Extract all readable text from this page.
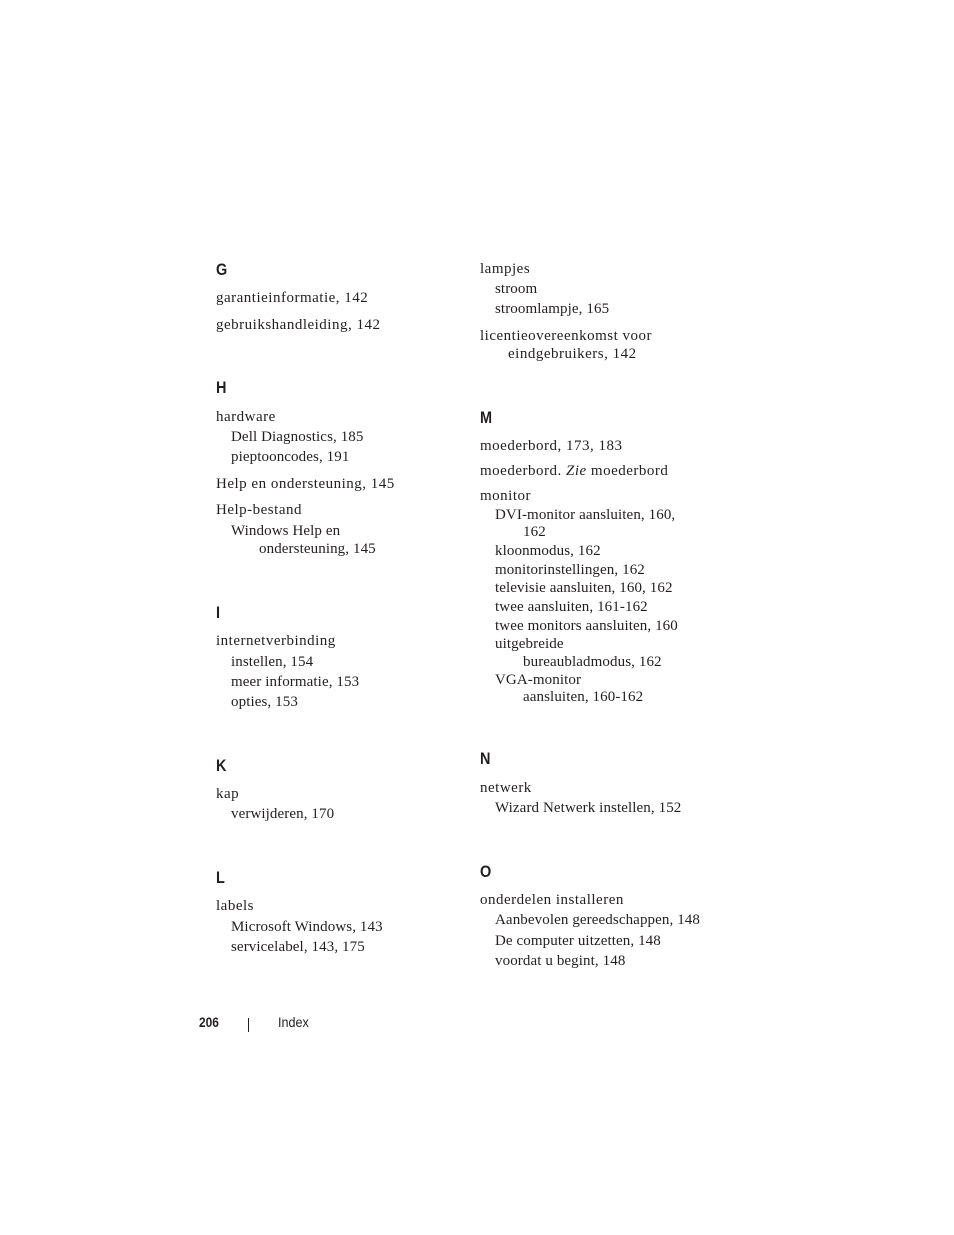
G
garantieinformatie, 142
gebruikshandleiding, 142
H
hardware
Dell Diagnostics, 185
pieptooncodes, 191
Help en ondersteuning, 145
Help-bestand
Windows Help en
ondersteuning, 145
I
internetverbinding
instellen, 154
meer informatie, 153
opties, 153
K
kap
verwijderen, 170
L
labels
Microsoft Windows, 143
servicelabel, 143, 175
lampjes
stroom
stroomlampje, 165
licentieovereenkomst voor
eindgebruikers, 142
M
moederbord, 173, 183
moederbord. Zie moederbord
monitor
DVI-monitor aansluiten, 160,
162
kloonmodus, 162
monitorinstellingen, 162
televisie aansluiten, 160, 162
twee aansluiten, 161-162
twee monitors aansluiten, 160
uitgebreide
bureaubladmodus, 162
VGA-monitor
aansluiten, 160-162
N
netwerk
Wizard Netwerk instellen, 152
O
onderdelen installeren
Aanbevolen gereedschappen, 148
De computer uitzetten, 148
voordat u begint, 148
206	Index
